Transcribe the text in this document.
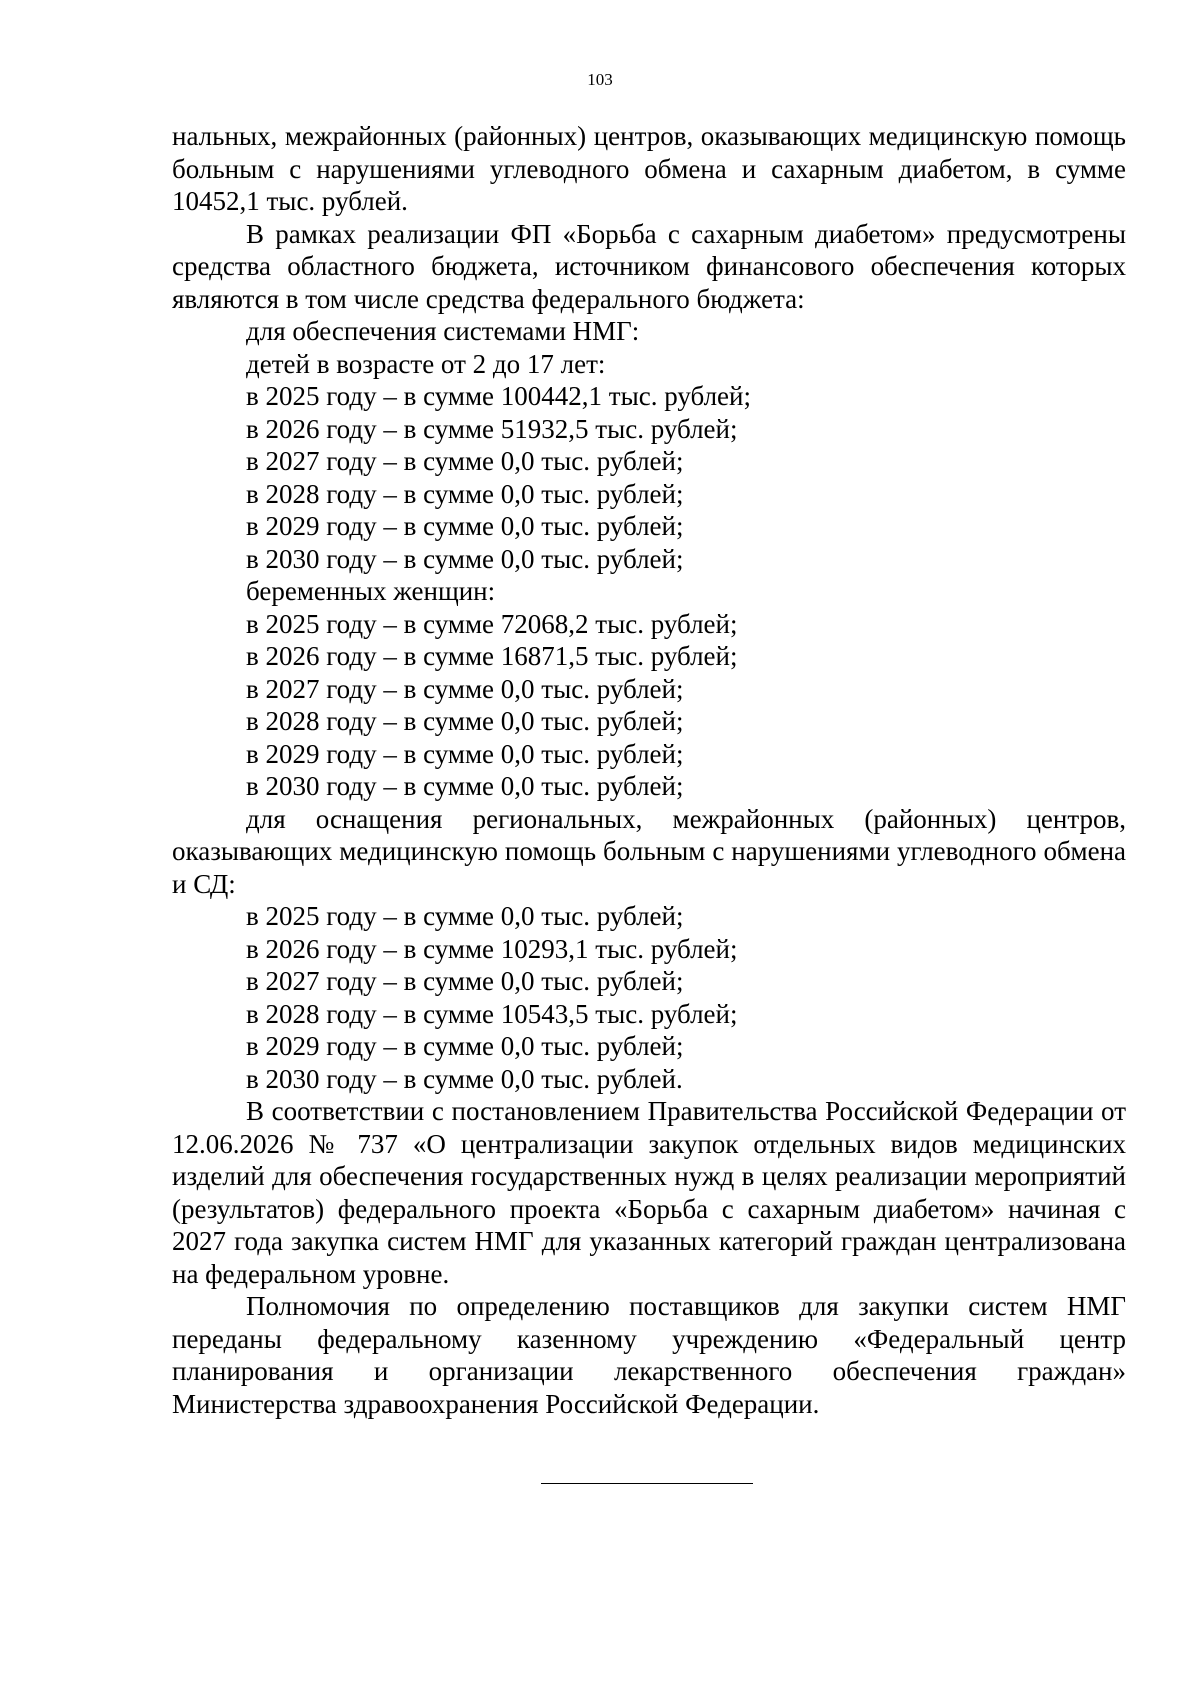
103

нальных, межрайонных (районных) центров, оказывающих медицинскую помощь больным с нарушениями углеводного обмена и сахарным диабетом, в сумме 10452,1 тыс. рублей.

В рамках реализации ФП «Борьба с сахарным диабетом» предусмотрены средства областного бюджета, источником финансового обеспечения которых являются в том числе средства федерального бюджета:

для обеспечения системами НМГ:

детей в возрасте от 2 до 17 лет:

в 2025 году – в сумме 100442,1 тыс. рублей;

в 2026 году – в сумме 51932,5 тыс. рублей;

в 2027 году – в сумме 0,0 тыс. рублей;

в 2028 году – в сумме 0,0 тыс. рублей;

в 2029 году – в сумме 0,0 тыс. рублей;

в 2030 году – в сумме 0,0 тыс. рублей;

беременных женщин:

в 2025 году – в сумме 72068,2 тыс. рублей;

в 2026 году – в сумме 16871,5 тыс. рублей;

в 2027 году – в сумме 0,0 тыс. рублей;

в 2028 году – в сумме 0,0 тыс. рублей;

в 2029 году – в сумме 0,0 тыс. рублей;

в 2030 году – в сумме 0,0 тыс. рублей;

для оснащения региональных, межрайонных (районных) центров, оказывающих медицинскую помощь больным с нарушениями углеводного обмена и СД:

в 2025 году – в сумме 0,0 тыс. рублей;

в 2026 году – в сумме 10293,1 тыс. рублей;

в 2027 году – в сумме 0,0 тыс. рублей;

в 2028 году – в сумме 10543,5 тыс. рублей;

в 2029 году – в сумме 0,0 тыс. рублей;

в 2030 году – в сумме 0,0 тыс. рублей.

В соответствии с постановлением Правительства Российской Федерации от 12.06.2026 № 737 «О централизации закупок отдельных видов медицинских изделий для обеспечения государственных нужд в целях реализации мероприятий (результатов) федерального проекта «Борьба с сахарным диабетом» начиная с 2027 года закупка систем НМГ для указанных категорий граждан централизована на федеральном уровне.

Полномочия по определению поставщиков для закупки систем НМГ переданы федеральному казенному учреждению «Федеральный центр планирования и организации лекарственного обеспечения граждан» Министерства здравоохранения Российской Федерации.
